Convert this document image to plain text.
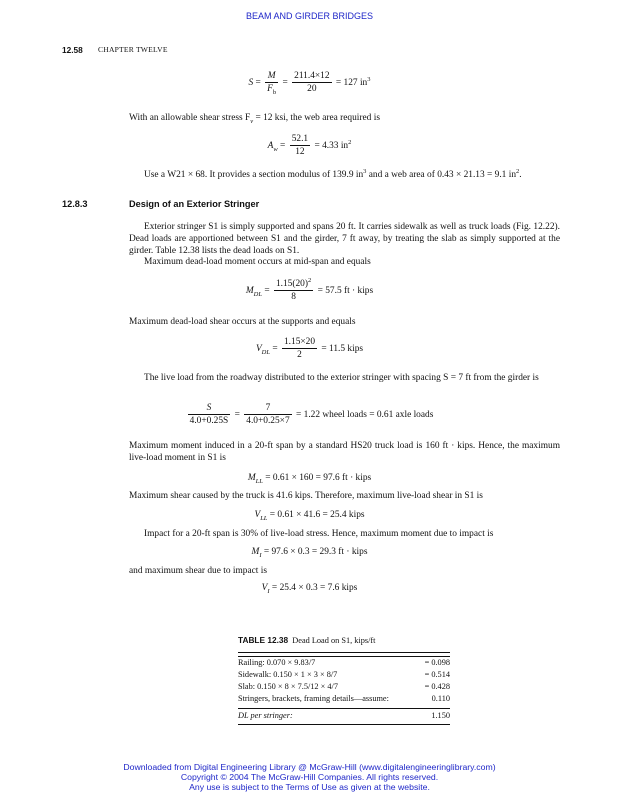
BEAM AND GIRDER BRIDGES
12.58 CHAPTER TWELVE
$S = \frac{M}{F_b} = \frac{211.4\times 12}{20} = 127$ $in^3$
With an allowable shear stress $F_v = 12$ ksi, the web area required is
$A_w = \frac{52.1}{12} = 4.33$ $in^2$
Use a W21 × 68. It provides a section modulus of 139.9 $in^3$ and a web area of 0.43 × 21.13 = 9.1 $in^2$.
12.8.3	Design of an Exterior Stringer
Exterior stringer S1 is simply supported and spans 20 ft. It carries sidewalk as well as truck loads (Fig. 12.22). Dead loads are apportioned between S1 and the girder, 7 ft away, by treating the slab as simply supported at the girder. Table 12.38 lists the dead loads on S1.
Maximum dead-load moment occurs at mid-span and equals
$M_{DL} = \frac{1.15(20)^2}{8} = 57.5$ ft · kips
Maximum dead-load shear occurs at the supports and equals
$V_{DL} = \frac{1.15\times 20}{2} = 11.5$ kips
The live load from the roadway distributed to the exterior stringer with spacing S = 7 ft from the girder is
$\frac{S}{4.0+0.25S} = \frac{7}{4.0+0.25\times 7} = 1.22$ wheel loads = 0.61 axle loads
Maximum moment induced in a 20-ft span by a standard HS20 truck load is 160 ft · kips. Hence, the maximum live-load moment in S1 is
$M_{LL} = 0.61 \times 160 = 97.6$ ft · kips
Maximum shear caused by the truck is 41.6 kips. Therefore, maximum live-load shear in S1 is
$V_{LL} = 0.61 \times 41.6 = 25.4$ kips
Impact for a 20-ft span is 30% of live-load stress. Hence, maximum moment due to impact is
$M_I = 97.6 \times 0.3 = 29.3$ ft · kips
and maximum shear due to impact is
$V_I = 25.4 \times 0.3 = 7.6$ kips
TABLE 12.38 Dead Load on S1, kips/ft
Railing: 0.070 × 9.83/7	= 0.098
Sidewalk: 0.150 × 1 × 3 × 8/7	= 0.514
Slab: 0.150 × 8 × 7.5/12 × 4/7	= 0.428
Stringers, brackets, framing details—assume:	0.110
DL per stringer:	1.150
Downloaded from Digital Engineering Library @ McGraw-Hill (www.digitalengineeringlibrary.com)
Copyright © 2004 The McGraw-Hill Companies. All rights reserved.
Any use is subject to the Terms of Use as given at the website.
